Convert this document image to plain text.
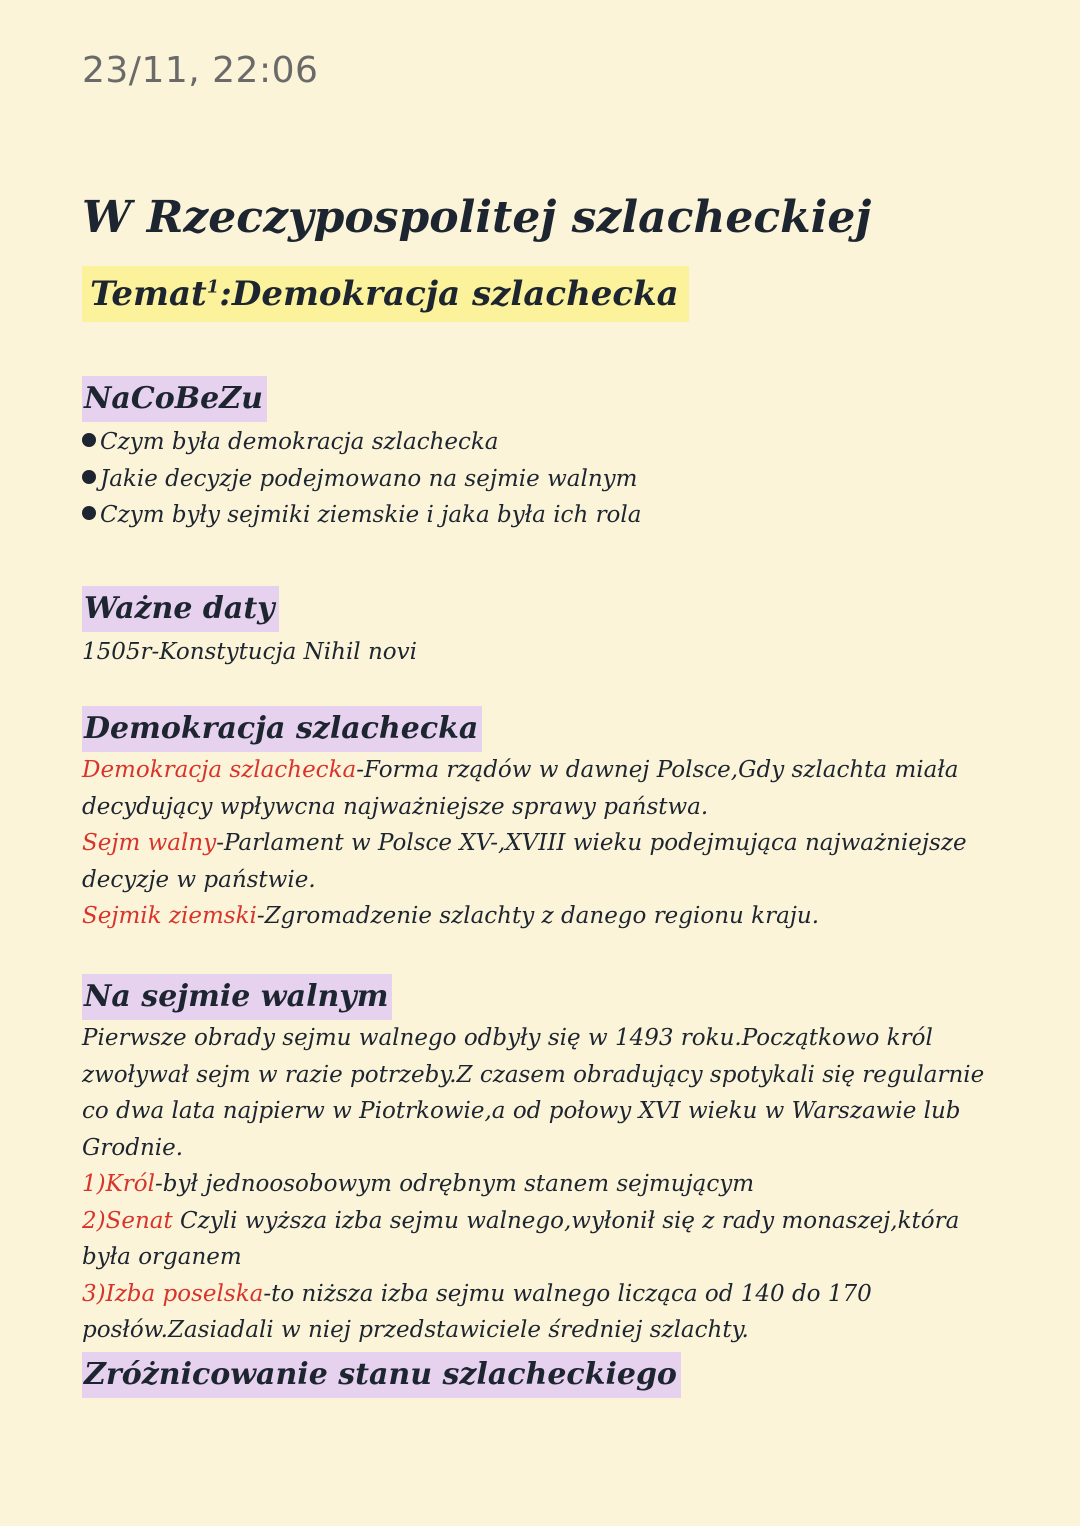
23/11, 22:06
W Rzeczypospolitej szlacheckiej
Temat$^1$:Demokracja szlachecka
NaCoBeZu
Czym była demokracja szlachecka
Jakie decyzje podejmowano na sejmie walnym
Czym były sejmiki ziemskie i jaka była ich rola
Ważne daty
1505r-Konstytucja Nihil novi
Demokracja szlachecka
Demokracja szlachecka-Forma rządów w dawnej Polsce,Gdy szlachta miała decydujący wpływcna najważniejsze sprawy państwa.
Sejm walny-Parlament w Polsce XV-,XVIII wieku podejmująca najważniejsze decyzje w państwie.
Sejmik ziemski-Zgromadzenie szlachty z danego regionu kraju.
Na sejmie walnym
Pierwsze obrady sejmu walnego odbyły się w 1493 roku.Początkowo król zwoływał sejm w razie potrzeby.Z czasem obradujący spotykali się regularnie co dwa lata najpierw w Piotrkowie,a od połowy XVI wieku w Warszawie lub Grodnie.
1)Król-był jednoosobowym odrębnym stanem sejmującym
2)Senat Czyli wyższa izba sejmu walnego,wyłonił się z rady monaszej,która była organem
3)Izba poselska-to niższa izba sejmu walnego licząca od 140 do 170 posłów.Zasiadali w niej przedstawiciele średniej szlachty.
Zróżnicowanie stanu szlacheckiego
